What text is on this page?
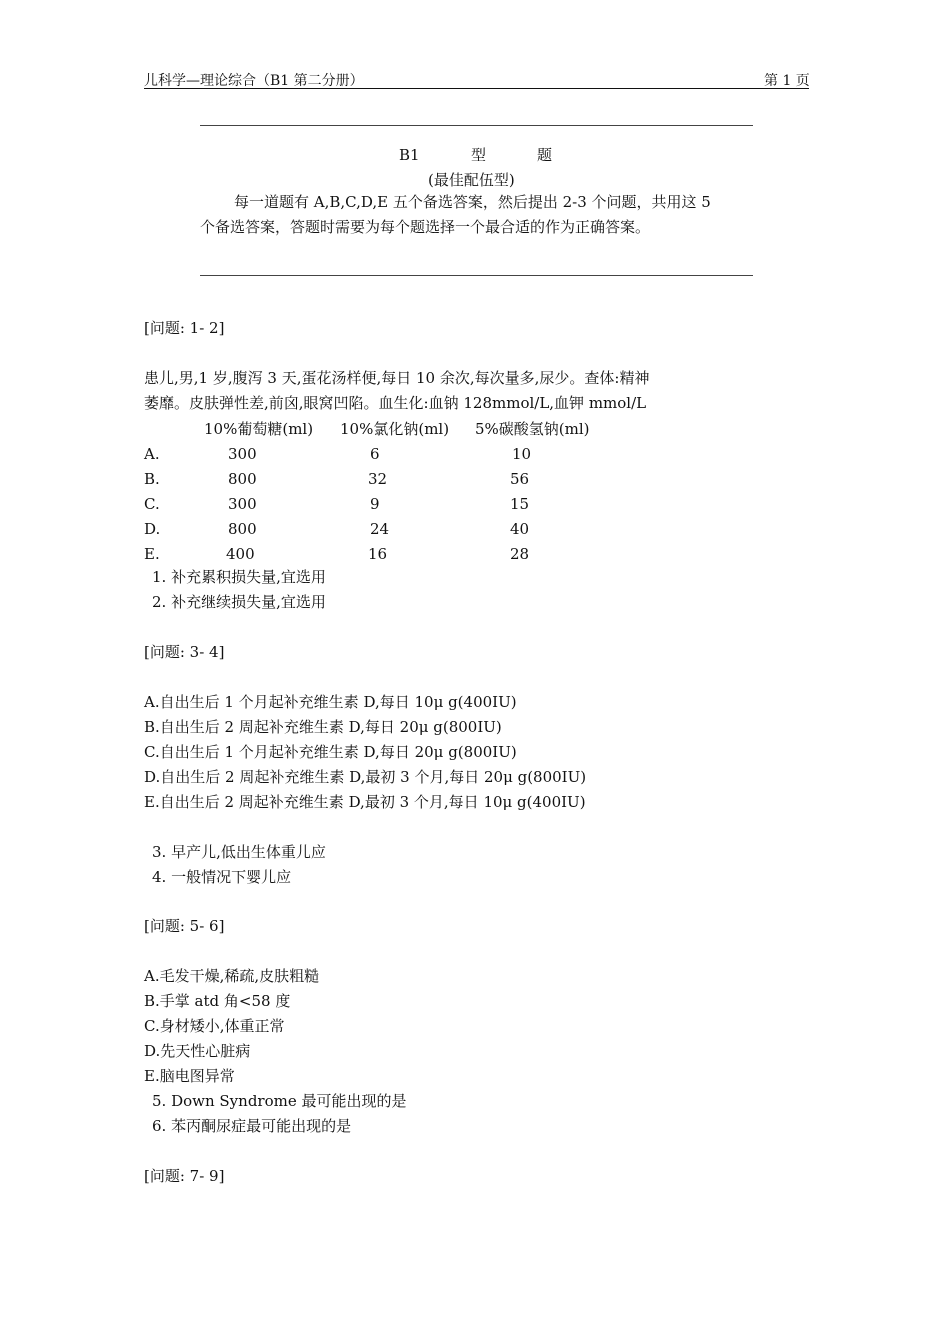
儿科学—理论综合（B1 第二分册）	第 1 页
B1	型	题
(最佳配伍型)
每一道题有 A,B,C,D,E 五个备选答案，然后提出 2-3 个问题，共用这 5 个备选答案，答题时需要为每个题选择一个最合适的作为正确答案。
[问题: 1- 2]
患儿,男,1 岁,腹泻 3 天,蛋花汤样便,每日 10 余次,每次量多,尿少。查体:精神
萎靡。皮肤弹性差,前囟,眼窝凹陷。血生化:血钠 128mmol/L,血钾 mmol/L
10%葡萄糖(ml) 10%氯化钠(ml) 5%碳酸氢钠(ml)
A.	300	6	10
B.	800	32	56
C.	300	9	15
D.	800	24	40
E.	400	16	28
1. 补充累积损失量,宜选用
2. 补充继续损失量,宜选用
[问题: 3- 4]
A.自出生后 1 个月起补充维生素 D,每日 10μ g(400IU)
B.自出生后 2 周起补充维生素 D,每日 20μ g(800IU)
C.自出生后 1 个月起补充维生素 D,每日 20μ g(800IU)
D.自出生后 2 周起补充维生素 D,最初 3 个月,每日 20μ g(800IU)
E.自出生后 2 周起补充维生素 D,最初 3 个月,每日 10μ g(400IU)
3. 早产儿,低出生体重儿应
4. 一般情况下婴儿应
[问题: 5- 6]
A.毛发干燥,稀疏,皮肤粗糙
B.手掌 atd 角<58 度
C.身材矮小,体重正常
D.先天性心脏病
E.脑电图异常
5. Down Syndrome 最可能出现的是
6. 苯丙酮尿症最可能出现的是
[问题: 7- 9]
